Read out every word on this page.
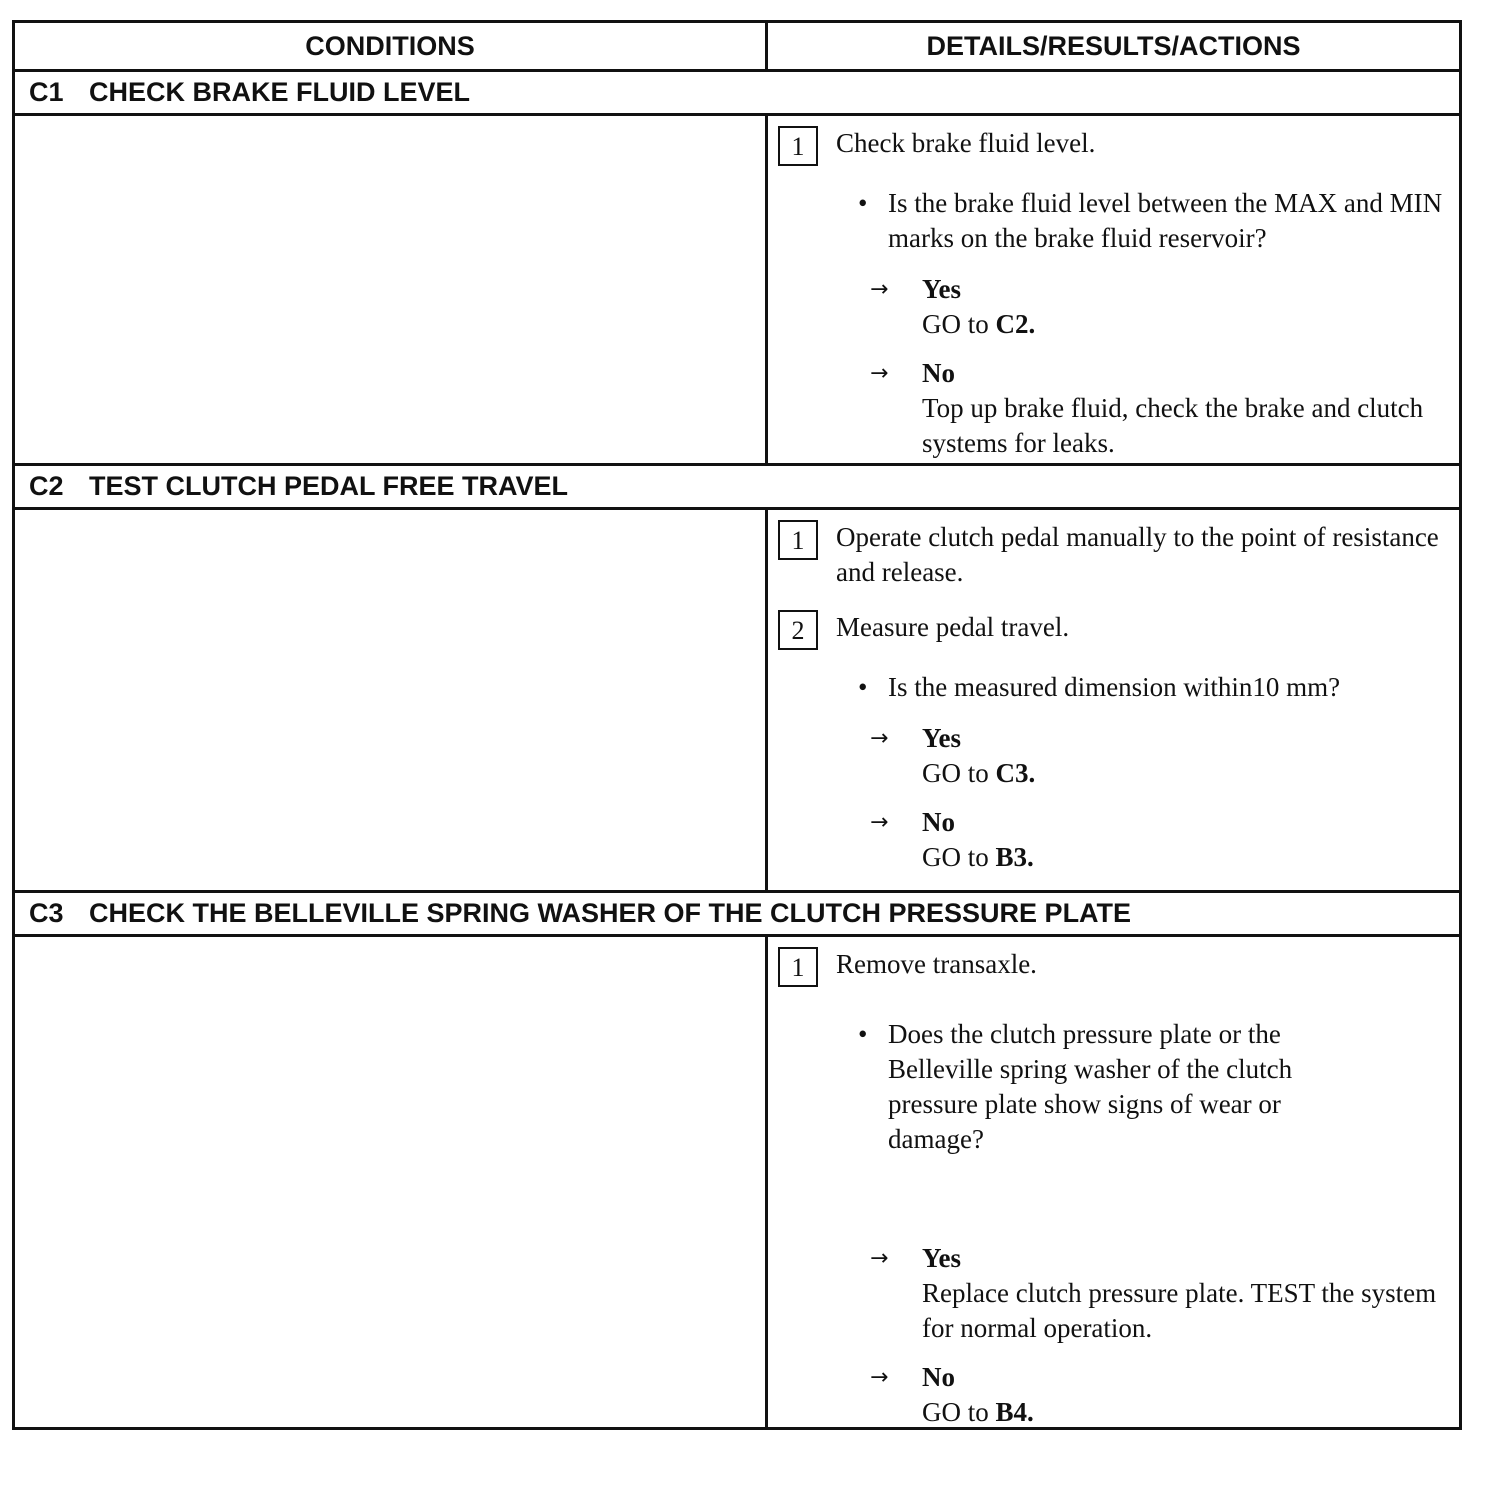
CONDITIONS	DETAILS/RESULTS/ACTIONS
C1 CHECK BRAKE FLUID LEVEL
1	Check brake fluid level.
• Is the brake fluid level between the MAX and MIN marks on the brake fluid reservoir?
→	Yes
GO to C2.
→	No
Top up brake fluid, check the brake and clutch systems for leaks.
C2 TEST CLUTCH PEDAL FREE TRAVEL
1	Operate clutch pedal manually to the point of resistance and release.
2	Measure pedal travel.
• Is the measured dimension within10 mm?
→	Yes
GO to C3.
→	No
GO to B3.
C3 CHECK THE BELLEVILLE SPRING WASHER OF THE CLUTCH PRESSURE PLATE
1	Remove transaxle.
• Does the clutch pressure plate or the Belleville spring washer of the clutch pressure plate show signs of wear or damage?
→	Yes
Replace clutch pressure plate. TEST the system for normal operation.
→	No
GO to B4.
